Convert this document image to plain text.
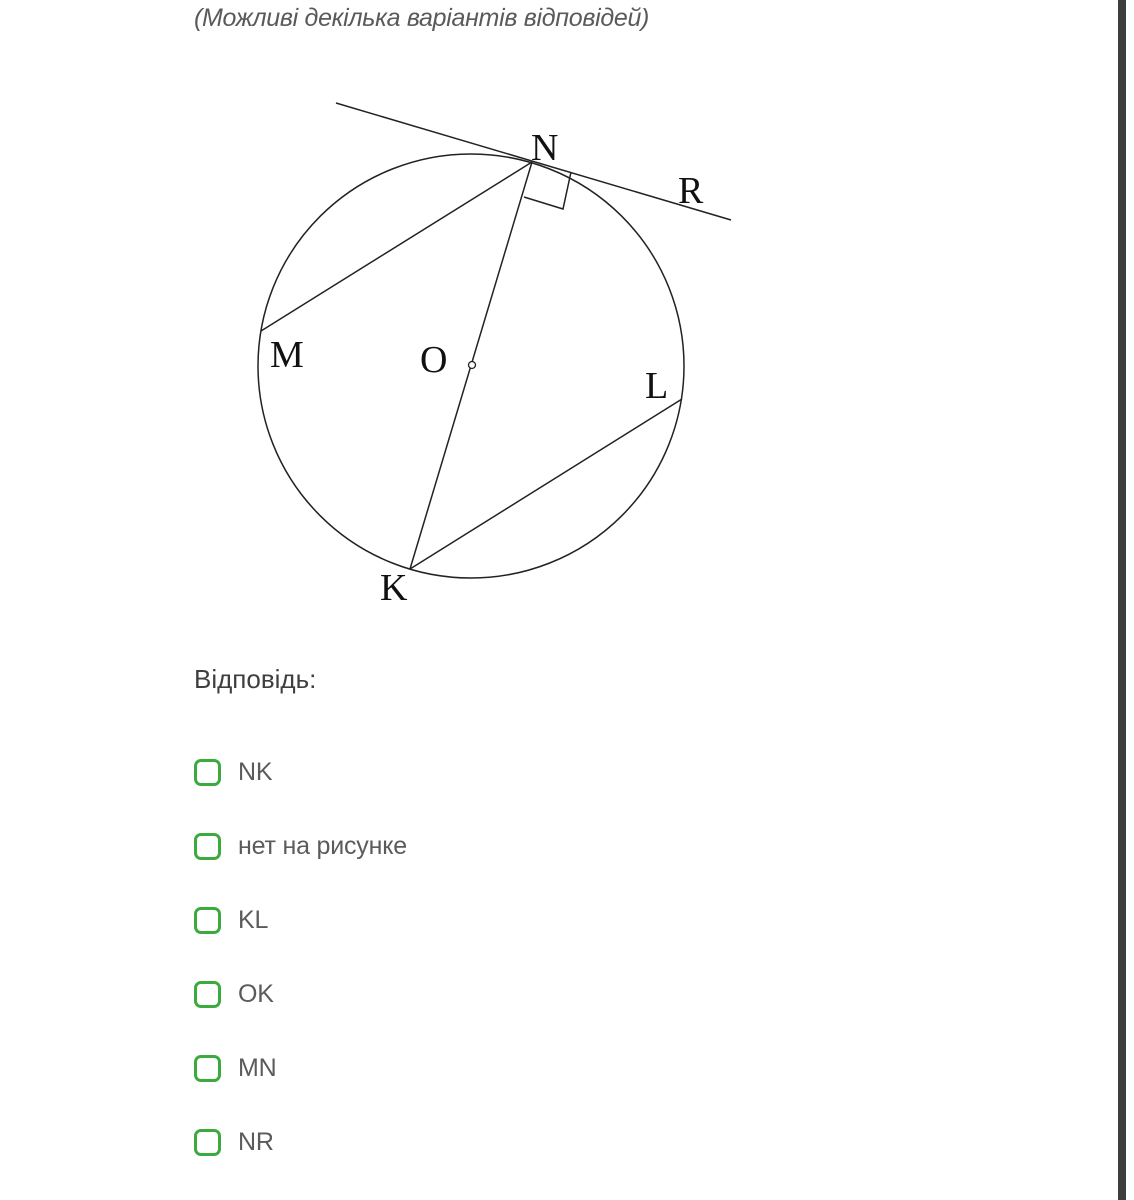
(Можливі декілька варіантів відповідей)
N
R
M	O
L
K
Відповідь:
NK
нет на рисунке
KL
OK
MN
NR
